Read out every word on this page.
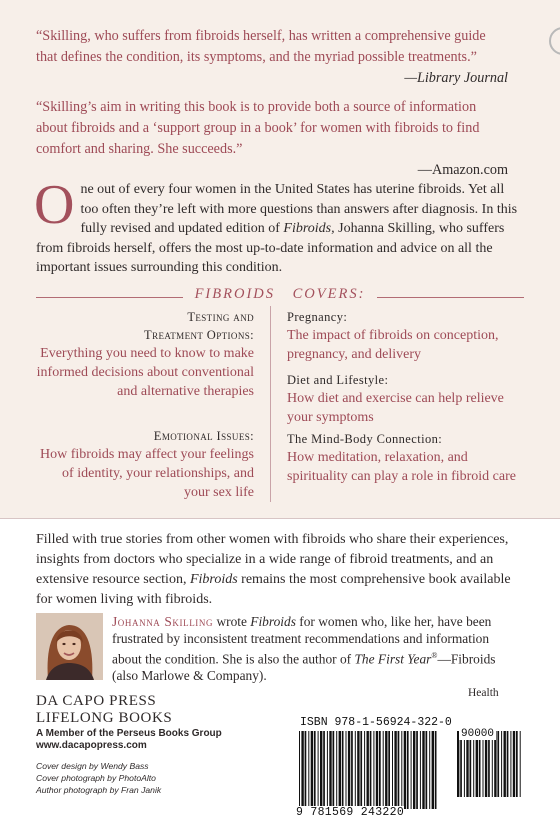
“Skilling, who suffers from fibroids herself, has written a comprehensive guide that defines the condition, its symptoms, and the myriad possible treatments.”
—Library Journal
“Skilling’s aim in writing this book is to provide both a source of information about fibroids and a ‘support group in a book’ for women with fibroids to find comfort and sharing. She succeeds.”
—Amazon.com
One out of every four women in the United States has uterine fibroids. Yet all too often they’re left with more questions than answers after diagnosis. In this fully revised and updated edition of Fibroids, Johanna Skilling, who suffers from fibroids herself, offers the most up-to-date information and advice on all the important issues surrounding this condition.
FIBROIDS COVERS:
Testing and
Treatment Options:
Everything you need to know to make informed decisions about conventional and alternative therapies
Emotional Issues:
How fibroids may affect your feelings of identity, your relationships, and your sex life
Pregnancy:
The impact of fibroids on conception, pregnancy, and delivery
Diet and Lifestyle:
How diet and exercise can help relieve your symptoms
The Mind-Body Connection:
How meditation, relaxation, and spirituality can play a role in fibroid care
Filled with true stories from other women with fibroids who share their experiences, insights from doctors who specialize in a wide range of fibroid treatments, and an extensive resource section, Fibroids remains the most comprehensive book available for women living with fibroids.
Johanna Skilling wrote Fibroids for women who, like her, have been frustrated by inconsistent treatment recommendations and information about the condition. She is also the author of The First Year®—Fibroids (also Marlowe & Company).
DA CAPO PRESS
LIFELONG BOOKS
A Member of the Perseus Books Group
www.dacapopress.com
Cover design by Wendy Bass
Cover photograph by PhotoAlto
Author photograph by Fran Janik
Health
ISBN 978-1-56924-322-0
90000
9 781569 243220
